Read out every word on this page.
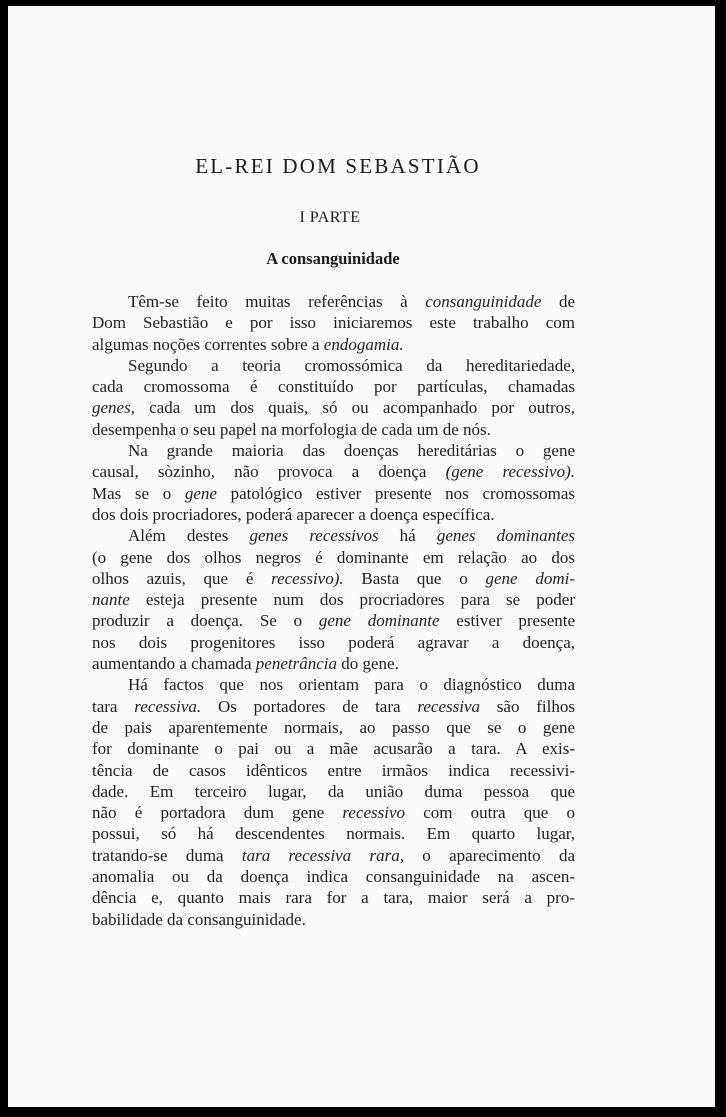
EL-REI DOM SEBASTIÃO
I PARTE
A consanguinidade
Têm-se feito muitas referências à consanguinidade de
Dom Sebastião e por isso iniciaremos este trabalho com
algumas noções correntes sobre a endogamia.
Segundo a teoria cromossómica da hereditariedade,
cada cromossoma é constituído por partículas, chamadas
genes, cada um dos quais, só ou acompanhado por outros,
desempenha o seu papel na morfologia de cada um de nós.
Na grande maioria das doenças hereditárias o gene
causal, sòzinho, não provoca a doença (gene recessivo).
Mas se o gene patológico estiver presente nos cromossomas
dos dois procriadores, poderá aparecer a doença específica.
Além destes genes recessivos há genes dominantes
(o gene dos olhos negros é dominante em relação ao dos
olhos azuis, que é recessivo). Basta que o gene domi-
nante esteja presente num dos procriadores para se poder
produzir a doença. Se o gene dominante estiver presente
nos dois progenitores isso poderá agravar a doença,
aumentando a chamada penetrância do gene.
Há factos que nos orientam para o diagnóstico duma
tara recessiva. Os portadores de tara recessiva são filhos
de pais aparentemente normais, ao passo que se o gene
for dominante o pai ou a mãe acusarão a tara. A exis-
tência de casos idênticos entre irmãos indica recessivi-
dade. Em terceiro lugar, da união duma pessoa que
não é portadora dum gene recessivo com outra que o
possui, só há descendentes normais. Em quarto lugar,
tratando-se duma tara recessiva rara, o aparecimento da
anomalia ou da doença indica consanguinidade na ascen-
dência e, quanto mais rara for a tara, maior será a pro-
babilidade da consanguinidade.
